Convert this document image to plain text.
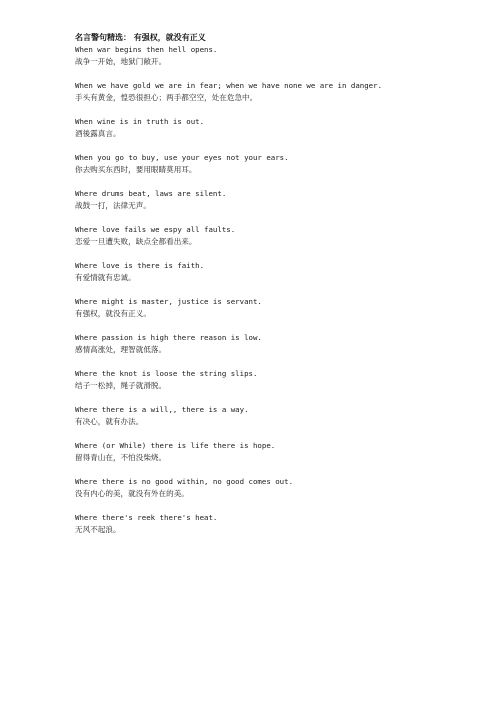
名言警句精选： 有强权，就没有正义
When war begins then hell opens.
战争一开始，地狱门敞开。
When we have gold we are in fear; when we have none we are in danger.
手头有黄金，惶恐很担心；两手都空空，处在危急中。
When wine is in truth is out.
酒後露真言。
When you go to buy, use your eyes not your ears.
你去购买东西时，要用眼睛莫用耳。
Where drums beat, laws are silent.
战鼓一打，法律无声。
Where love fails we espy all faults.
恋爱一旦遭失败，缺点全都看出来。
Where love is there is faith.
有爱情就有忠诚。
Where might is master, justice is servant.
有强权，就没有正义。
Where passion is high there reason is low.
感情高涨处，理智就低落。
Where the knot is loose the string slips.
结子一松掉，绳子就滑脱。
Where there is a will,, there is a way.
有决心，就有办法。
Where (or While) there is life there is hope.
留得青山在，不怕没柴烧。
Where there is no good within, no good comes out.
没有内心的美，就没有外在的美。
Where there's reek there's heat.
无风不起浪。
